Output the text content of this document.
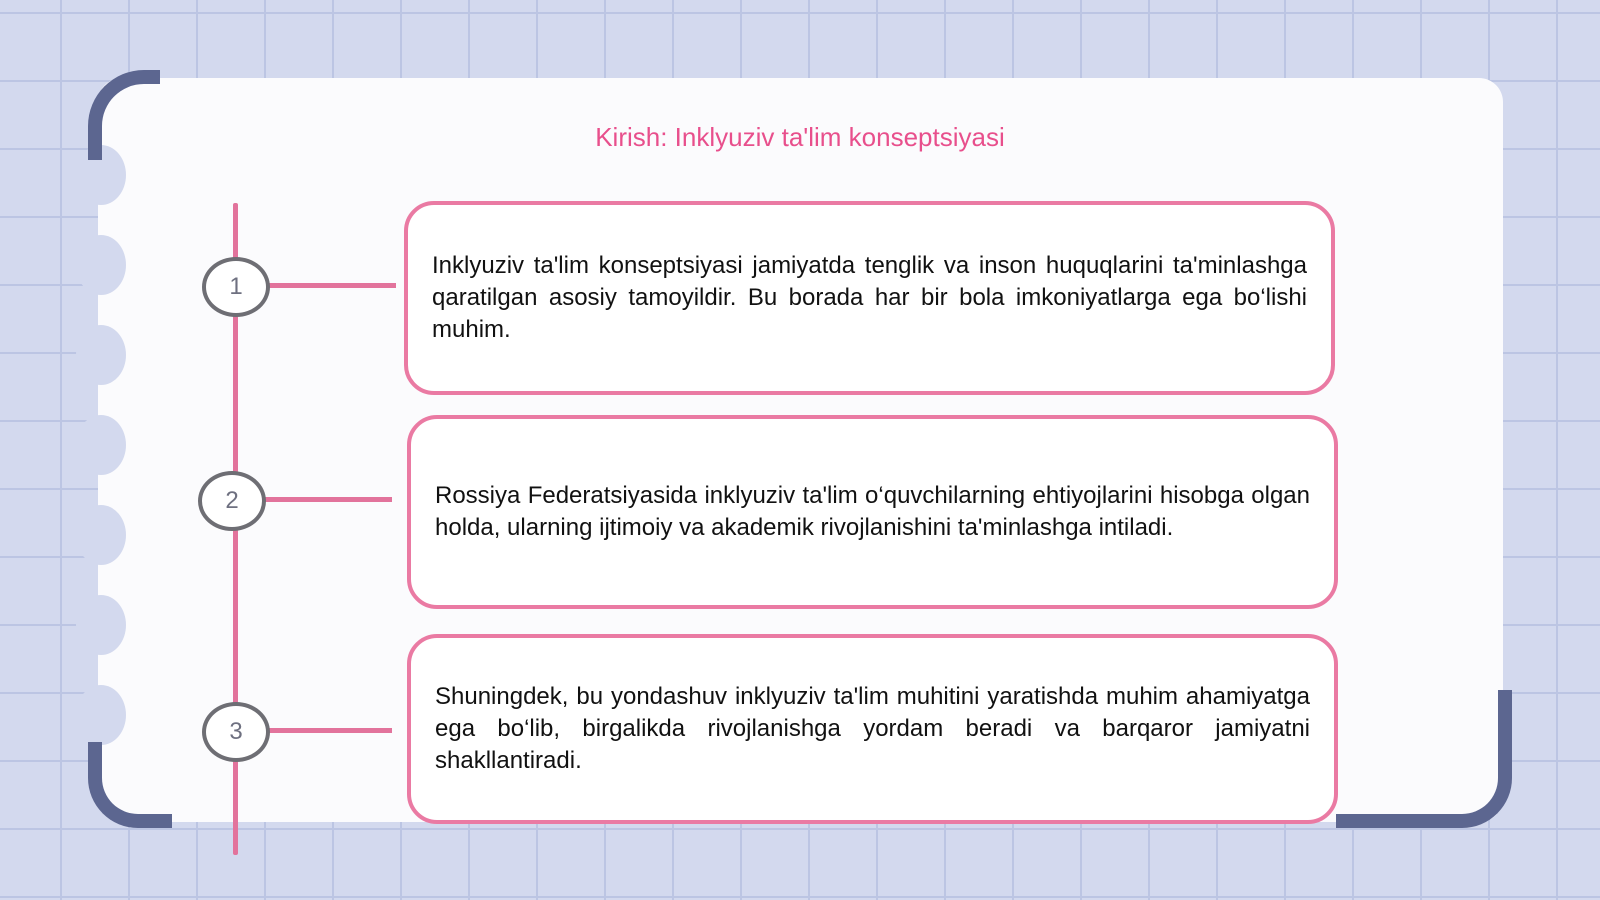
Kirish: Inklyuziv ta'lim konseptsiyasi
1

Inklyuziv ta'lim konseptsiyasi jamiyatda tenglik va inson huquqlarini ta'minlashga qaratilgan asosiy tamoyildir. Bu borada har bir bola imkoniyatlarga ega bo‘lishi muhim.

2	Rossiya Federatsiyasida inklyuziv ta'lim o‘quvchilarning ehtiyojlarini hisobga olgan holda, ularning ijtimoiy va akademik rivojlanishini ta'minlashga intiladi.

3

Shuningdek, bu yondashuv inklyuziv ta'lim muhitini yaratishda muhim ahamiyatga ega bo‘lib, birgalikda rivojlanishga yordam beradi va barqaror jamiyatni shakllantiradi.
